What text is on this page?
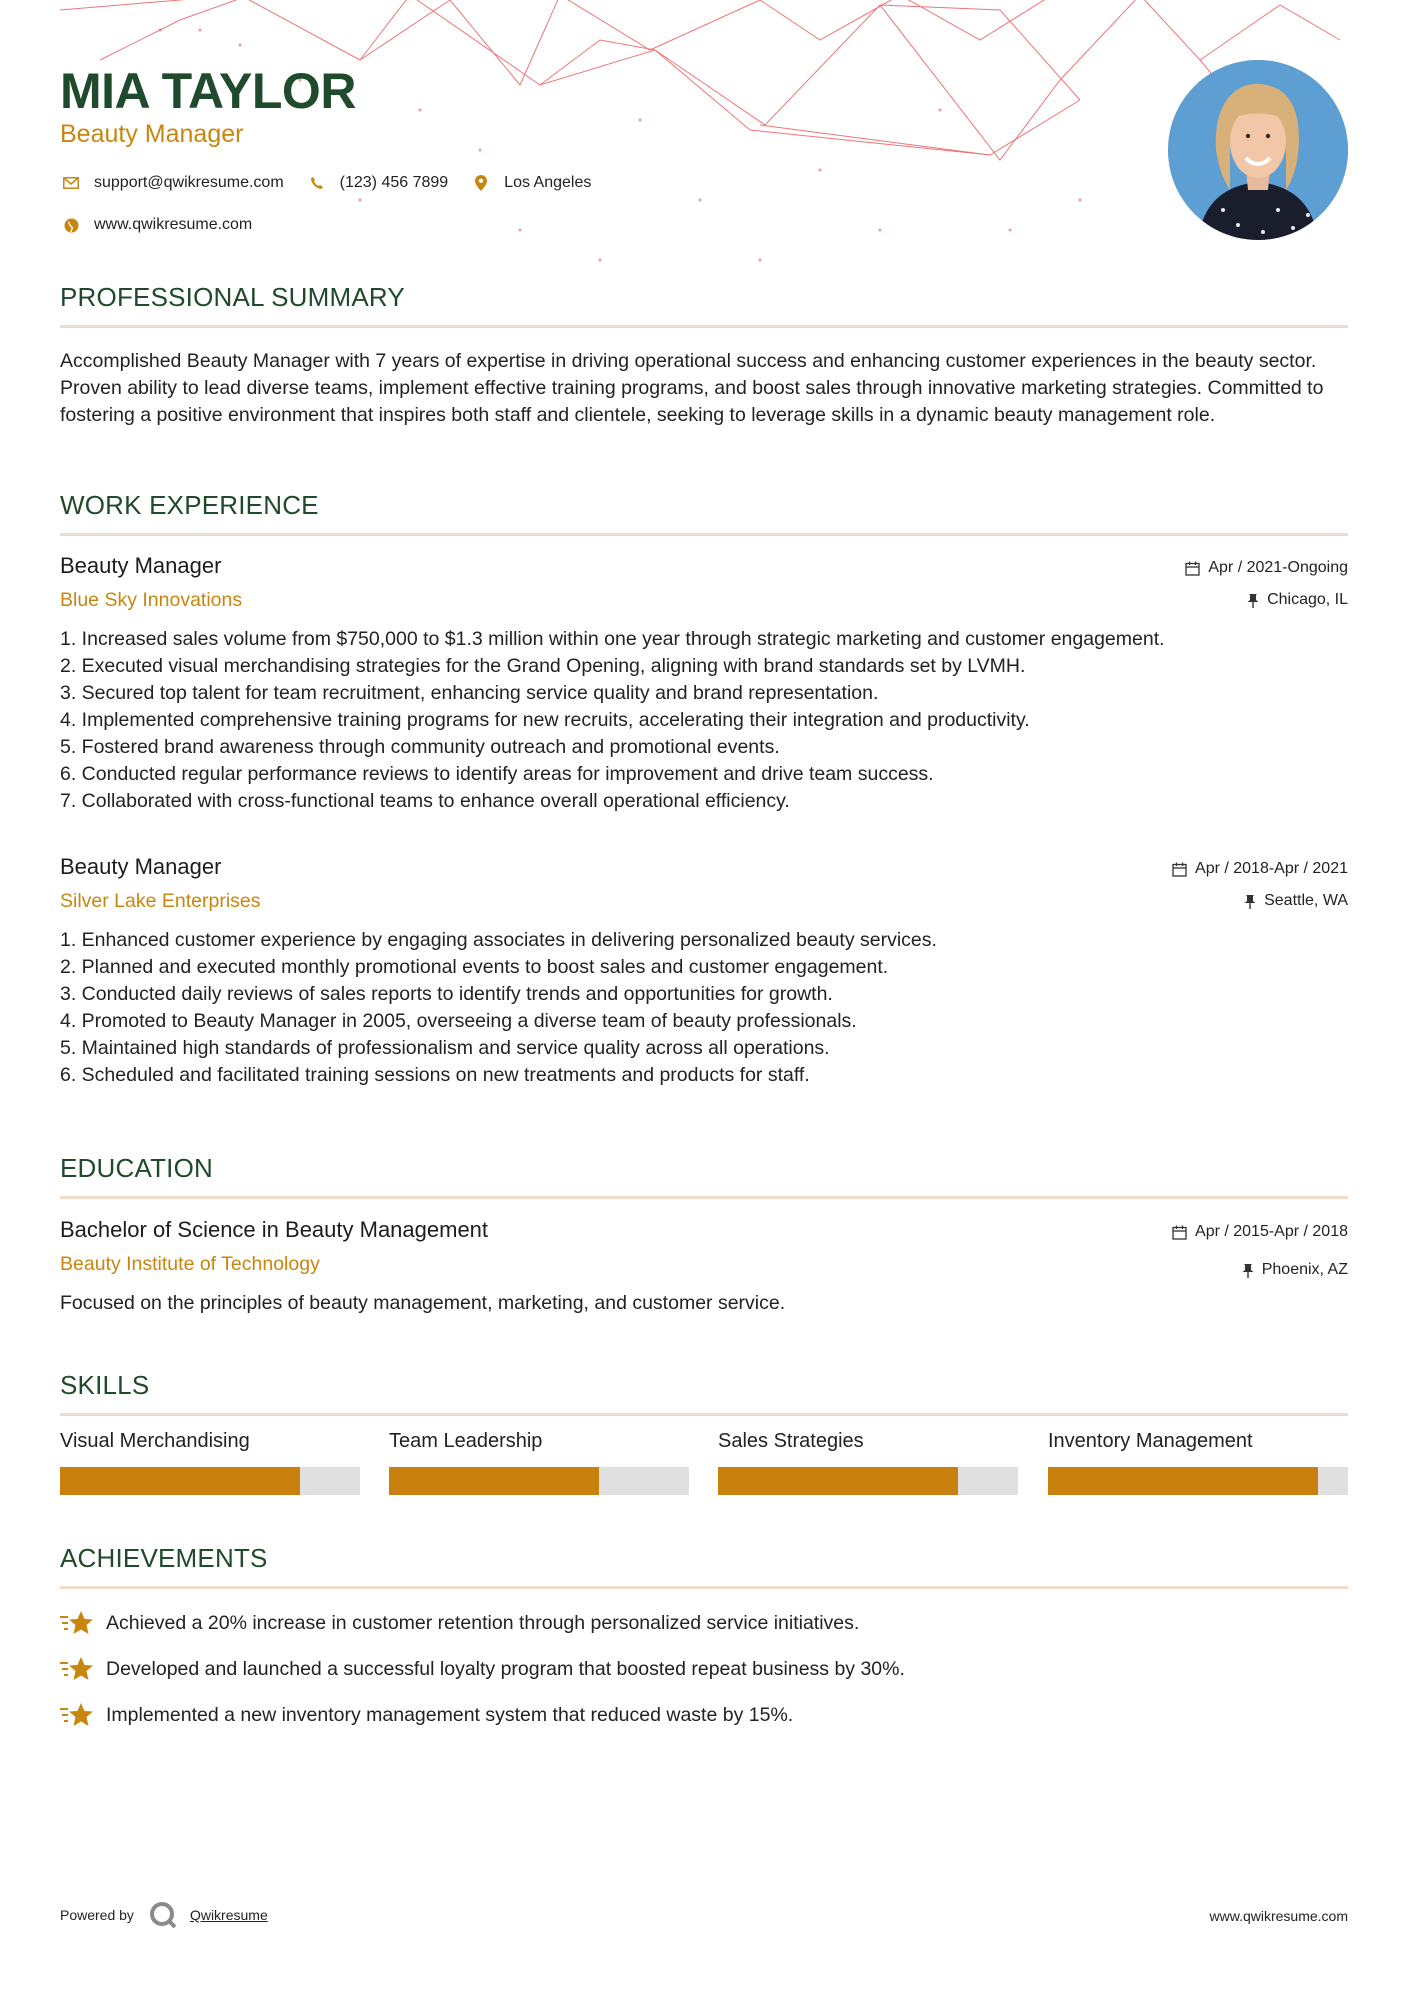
MIA TAYLOR
Beauty Manager
support@qwikresume.com	(123) 456 7899	Los Angeles
www.qwikresume.com
PROFESSIONAL SUMMARY
Accomplished Beauty Manager with 7 years of expertise in driving operational success and enhancing customer experiences in the beauty sector. Proven ability to lead diverse teams, implement effective training programs, and boost sales through innovative marketing strategies. Committed to fostering a positive environment that inspires both staff and clientele, seeking to leverage skills in a dynamic beauty management role.
WORK EXPERIENCE
Beauty Manager
Blue Sky Innovations
Apr / 2021-Ongoing
Chicago, IL
1. Increased sales volume from $750,000 to $1.3 million within one year through strategic marketing and customer engagement.
2. Executed visual merchandising strategies for the Grand Opening, aligning with brand standards set by LVMH.
3. Secured top talent for team recruitment, enhancing service quality and brand representation.
4. Implemented comprehensive training programs for new recruits, accelerating their integration and productivity.
5. Fostered brand awareness through community outreach and promotional events.
6. Conducted regular performance reviews to identify areas for improvement and drive team success.
7. Collaborated with cross-functional teams to enhance overall operational efficiency.
Beauty Manager
Silver Lake Enterprises
Apr / 2018-Apr / 2021
Seattle, WA
1. Enhanced customer experience by engaging associates in delivering personalized beauty services.
2. Planned and executed monthly promotional events to boost sales and customer engagement.
3. Conducted daily reviews of sales reports to identify trends and opportunities for growth.
4. Promoted to Beauty Manager in 2005, overseeing a diverse team of beauty professionals.
5. Maintained high standards of professionalism and service quality across all operations.
6. Scheduled and facilitated training sessions on new treatments and products for staff.
EDUCATION
Bachelor of Science in Beauty Management
Beauty Institute of Technology
Apr / 2015-Apr / 2018
Phoenix, AZ
Focused on the principles of beauty management, marketing, and customer service.
SKILLS
Visual Merchandising	Team Leadership	Sales Strategies	Inventory Management
ACHIEVEMENTS
Achieved a 20% increase in customer retention through personalized service initiatives.
Developed and launched a successful loyalty program that boosted repeat business by 30%.
Implemented a new inventory management system that reduced waste by 15%.
Powered by	Qwikresume	www.qwikresume.com
